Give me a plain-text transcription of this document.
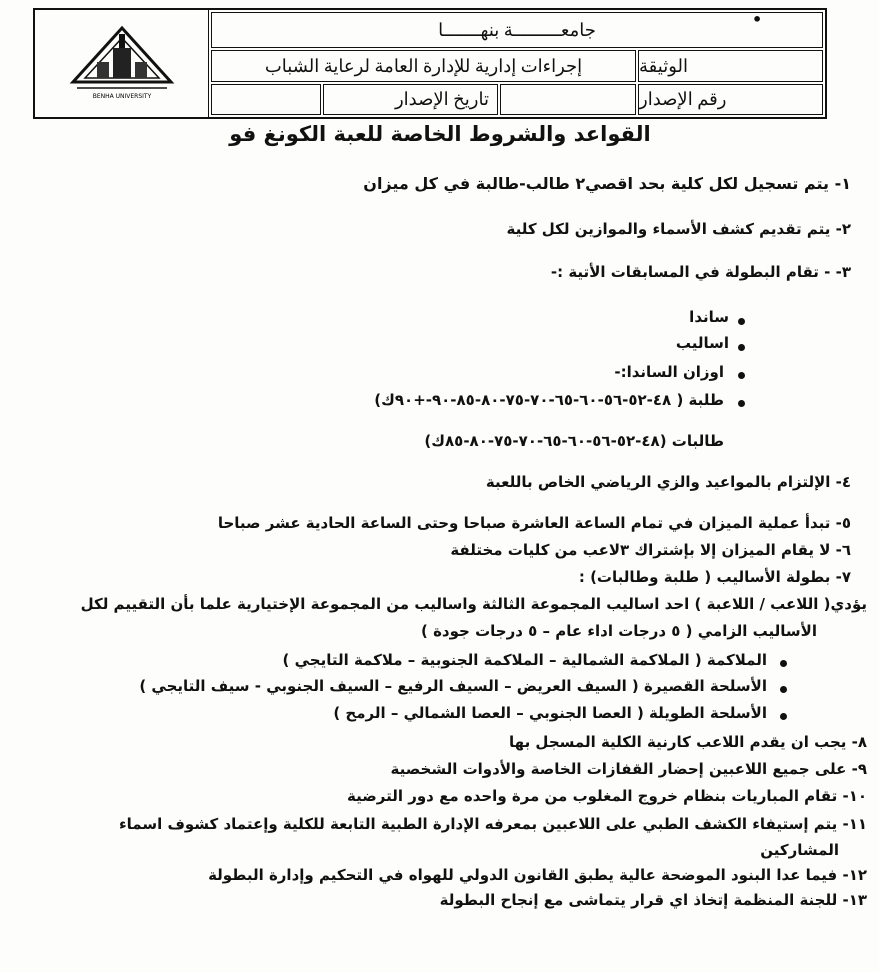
•
BENHA UNIVERSITY
جامعـــــــــة بنهـــــــا
إجراءات إدارية للإدارة العامة لرعاية الشباب	الوثيقة
تاريخ الإصدار	رقم الإصدار
القواعد والشروط الخاصة للعبة الكونغ فو
١- يتم تسجيل لكل كلية بحد اقصي٢ طالب-طالبة في كل ميزان
٢- يتم تقديم كشف الأسماء والموازين لكل كلية
٣- - تقام البطولة في المسابقات الأتية :-
ساندا
اساليب
اوزان الساندا:-
طلبة ( ٤٨-٥٢-٥٦-٦٠-٦٥-٧٠-٧٥-٨٠-٨٥-٩٠-+٩٠ك)
طالبات (٤٨-٥٢-٥٦-٦٠-٦٥-٧٠-٧٥-٨٠-٨٥ك)
٤- الإلتزام بالمواعيد والزي الرياضي الخاص باللعبة
٥- تبدأ عملية الميزان في تمام الساعة العاشرة صباحا وحتى الساعة الحادية عشر صباحا
٦- لا يقام الميزان إلا بإشتراك ٣لاعب من كليات مختلفة
٧- بطولة الأساليب ( طلبة وطالبات) :
يؤدي( اللاعب / اللاعبة ) احد اساليب المجموعة الثالثة واساليب من المجموعة الإختيارية علما بأن التقييم لكل
الأساليب الزامي ( ٥ درجات اداء عام – ٥ درجات جودة )
الملاكمة ( الملاكمة الشمالية – الملاكمة الجنوبية – ملاكمة التايجي )
الأسلحة القصيرة ( السيف العريض – السيف الرفيع – السيف الجنوبي - سيف التايجي )
الأسلحة الطويلة ( العصا الجنوبي – العصا الشمالي – الرمح )
٨- يجب ان يقدم اللاعب كارنية الكلية المسجل بها
٩- على جميع اللاعبين إحضار القفازات الخاصة والأدوات الشخصية
١٠- تقام المباريات بنظام خروج المغلوب من مرة واحده مع دور الترضية
١١- يتم إستيفاء الكشف الطبي على اللاعبين بمعرفه الإدارة الطبية التابعة للكلية وإعتماد كشوف اسماء
المشاركين
١٢- فيما عدا البنود الموضحة عالية يطبق القانون الدولي للهواه في التحكيم وإدارة البطولة
١٣- للجنة المنظمة إتخاذ اي قرار يتماشى مع إنجاح البطولة
